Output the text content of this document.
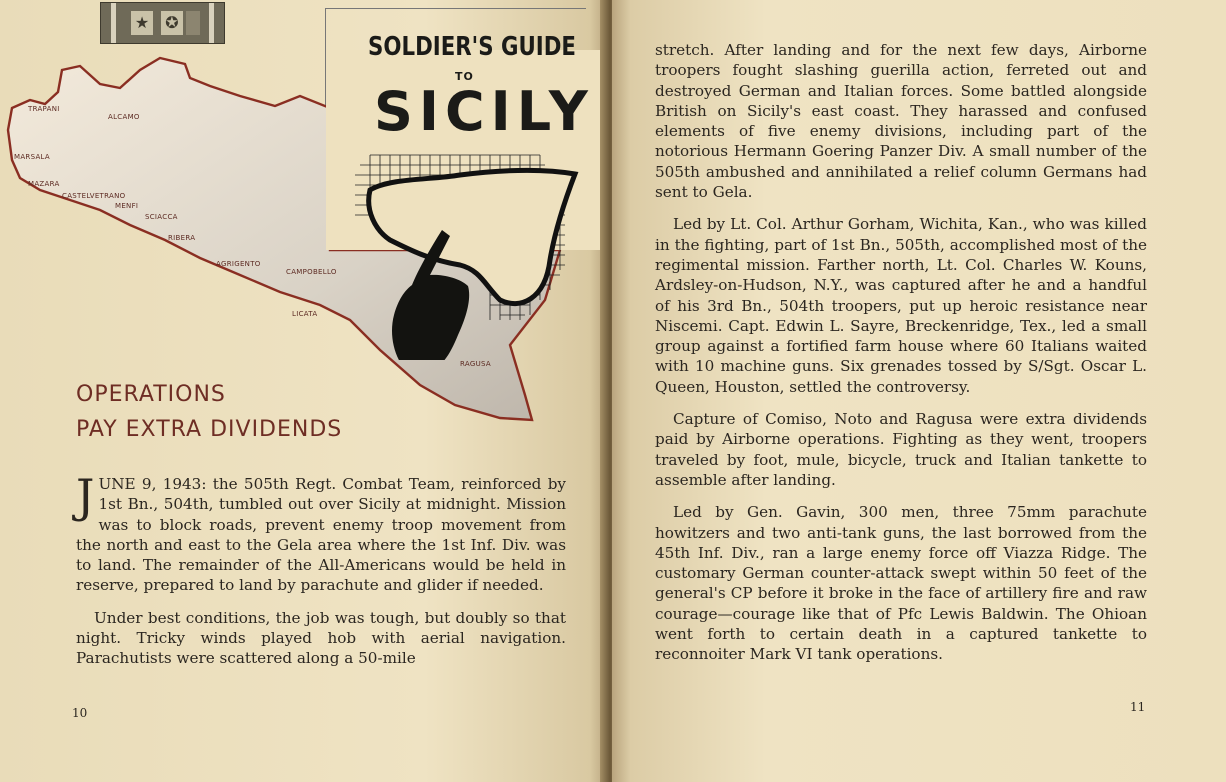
★ ✪
SOLDIER'S GUIDE
TO
SICILY
TRAPANI
ALCAMO
MARSALA
MAZARA
CASTELVETRANO
MENFI
SCIACCA
RIBERA
AGRIGENTO
CAMPOBELLO
LICATA
RAGUSA
OPERATIONS
PAY EXTRA DIVIDENDS

JUNE 9, 1943: the 505th Regt. Combat Team, reinforced by 1st Bn., 504th, tumbled out over Sicily at midnight. Mission was to block roads, prevent enemy troop movement from the north and east to the Gela area where the 1st Inf. Div. was to land. The remainder of the All-Americans would be held in reserve, prepared to land by parachute and glider if needed.

Under best conditions, the job was tough, but doubly so that night. Tricky winds played hob with aerial navigation. Parachutists were scattered along a 50-mile

10

stretch. After landing and for the next few days, Airborne troopers fought slashing guerilla action, ferreted out and destroyed German and Italian forces. Some battled alongside British on Sicily's east coast. They harassed and confused elements of five enemy divisions, including part of the notorious Hermann Goering Panzer Div. A small number of the 505th ambushed and annihilated a relief column Germans had sent to Gela.

Led by Lt. Col. Arthur Gorham, Wichita, Kan., who was killed in the fighting, part of 1st Bn., 505th, accomplished most of the regimental mission. Farther north, Lt. Col. Charles W. Kouns, Ardsley-on-Hudson, N.Y., was captured after he and a handful of his 3rd Bn., 504th troopers, put up heroic resistance near Niscemi. Capt. Edwin L. Sayre, Breckenridge, Tex., led a small group against a fortified farm house where 60 Italians waited with 10 machine guns. Six grenades tossed by S/Sgt. Oscar L. Queen, Houston, settled the controversy.

Capture of Comiso, Noto and Ragusa were extra dividends paid by Airborne operations. Fighting as they went, troopers traveled by foot, mule, bicycle, truck and Italian tankette to assemble after landing.

Led by Gen. Gavin, 300 men, three 75mm parachute howitzers and two anti-tank guns, the last borrowed from the 45th Inf. Div., ran a large enemy force off Viazza Ridge. The customary German counter-attack swept within 50 feet of the general's CP before it broke in the face of artillery fire and raw courage—courage like that of Pfc Lewis Baldwin. The Ohioan went forth to certain death in a captured tankette to reconnoiter Mark VI tank operations.

11
